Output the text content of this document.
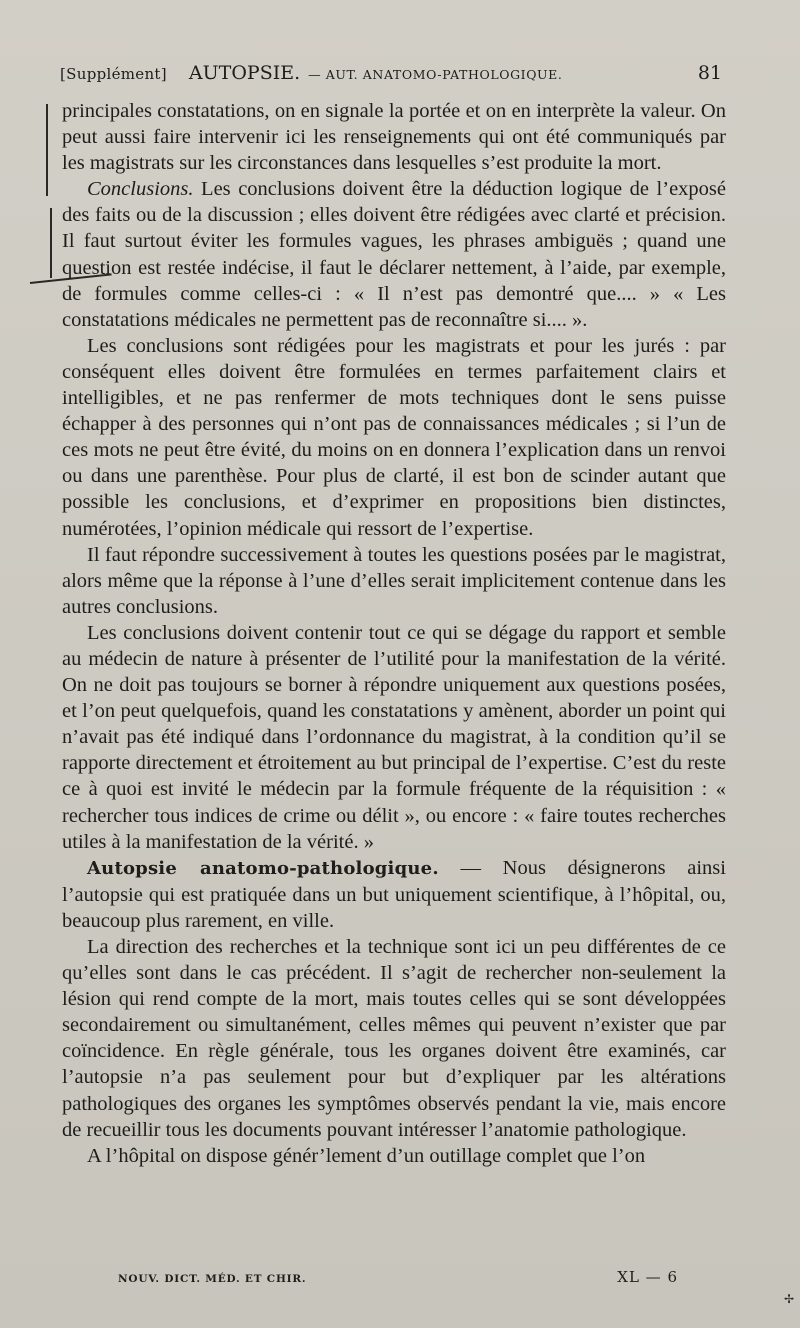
[Supplément] AUTOPSIE. — AUT. ANATOMO-PATHOLOGIQUE.	81

principales constatations, on en signale la portée et on en interprète la valeur. On peut aussi faire intervenir ici les renseignements qui ont été communiqués par les magistrats sur les circonstances dans lesquelles s’est produite la mort.

Conclusions. Les conclusions doivent être la déduction logique de l’exposé des faits ou de la discussion ; elles doivent être rédigées avec clarté et précision. Il faut surtout éviter les formules vagues, les phrases ambiguës ; quand une question est restée indécise, il faut le déclarer nettement, à l’aide, par exemple, de formules comme celles-ci : « Il n’est pas demontré que.... » « Les constatations médicales ne permettent pas de reconnaître si.... ».

Les conclusions sont rédigées pour les magistrats et pour les jurés : par conséquent elles doivent être formulées en termes parfaitement clairs et intelligibles, et ne pas renfermer de mots techniques dont le sens puisse échapper à des personnes qui n’ont pas de connaissances médicales ; si l’un de ces mots ne peut être évité, du moins on en donnera l’explication dans un renvoi ou dans une parenthèse. Pour plus de clarté, il est bon de scinder autant que possible les conclusions, et d’exprimer en propositions bien distinctes, numérotées, l’opinion médicale qui ressort de l’expertise.

Il faut répondre successivement à toutes les questions posées par le magistrat, alors même que la réponse à l’une d’elles serait implicitement contenue dans les autres conclusions.

Les conclusions doivent contenir tout ce qui se dégage du rapport et semble au médecin de nature à présenter de l’utilité pour la manifestation de la vérité. On ne doit pas toujours se borner à répondre uniquement aux questions posées, et l’on peut quelquefois, quand les constatations y amènent, aborder un point qui n’avait pas été indiqué dans l’ordonnance du magistrat, à la condition qu’il se rapporte directement et étroitement au but principal de l’expertise. C’est du reste ce à quoi est invité le médecin par la formule fréquente de la réquisition : « rechercher tous indices de crime ou délit », ou encore : « faire toutes recherches utiles à la manifestation de la vérité. »

Autopsie anatomo-pathologique. — Nous désignerons ainsi l’autopsie qui est pratiquée dans un but uniquement scientifique, à l’hôpital, ou, beaucoup plus rarement, en ville.

La direction des recherches et la technique sont ici un peu différentes de ce qu’elles sont dans le cas précédent. Il s’agit de rechercher non-seulement la lésion qui rend compte de la mort, mais toutes celles qui se sont développées secondairement ou simultanément, celles mêmes qui peuvent n’exister que par coïncidence. En règle générale, tous les organes doivent être examinés, car l’autopsie n’a pas seulement pour but d’expliquer par les altérations pathologiques des organes les symptômes observés pendant la vie, mais encore de recueillir tous les documents pouvant intéresser l’anatomie pathologique.

A l’hôpital on dispose génér’lement d’un outillage complet que l’on

NOUV. DICT. MÉD. ET CHIR.	XL — 6
✢
